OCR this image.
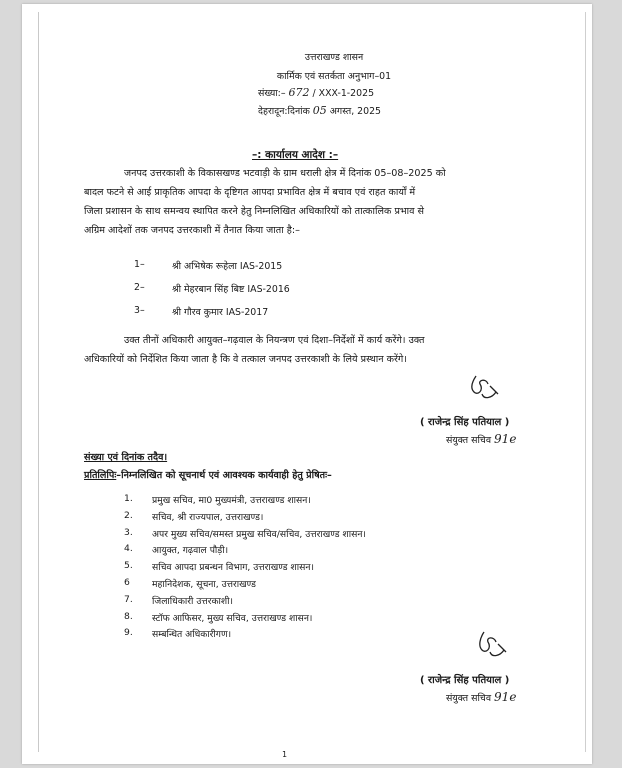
उत्तराखण्ड शासन
कार्मिक एवं सतर्कता अनुभाग–01
संख्या:– 672 / XXX-1-2025
देहरादून:दिनांक 05 अगस्त, 2025
–: कार्यालय आदेश :–
जनपद उत्तरकाशी के विकासखण्ड भटवाड़ी के ग्राम धराली क्षेत्र में दिनांक 05–08–2025 को
बादल फटने से आई प्राकृतिक आपदा के दृष्टिगत आपदा प्रभावित क्षेत्र में बचाव एवं राहत कार्यों में
जिला प्रशासन के साथ समन्वय स्थापित करने हेतु निम्नलिखित अधिकारियों को तात्कालिक प्रभाव से
अग्रिम आदेशों तक जनपद उत्तरकाशी में तैनात किया जाता है:–
1–	श्री अभिषेक रूहेला IAS-2015
2–	श्री मेहरबान सिंह बिष्ट IAS-2016
3–	श्री गौरव कुमार IAS-2017
उक्त तीनों अधिकारी आयुक्त–गढ़वाल के नियन्त्रण एवं दिशा–निर्देशों में कार्य करेंगे। उक्त
अधिकारियों को निर्देशित किया जाता है कि वे तत्काल जनपद उत्तरकाशी के लिये प्रस्थान करेंगे।
( राजेन्द्र सिंह पतियाल )
संयुक्त सचिव 91e
संख्या एवं दिनांक तदैव।
प्रतिलिपिः–निम्नलिखित को सूचनार्थ एवं आवश्यक कार्यवाही हेतु प्रेषितः–
1.	प्रमुख सचिव, मा0 मुख्यमंत्री, उत्तराखण्ड शासन।
2.	सचिव, श्री राज्यपाल, उत्तराखण्ड।
3.	अपर मुख्य सचिव/समस्त प्रमुख सचिव/सचिव, उत्तराखण्ड शासन।
4.	आयुक्त, गढ़वाल पौड़ी।
5.	सचिव आपदा प्रबन्धन विभाग, उत्तराखण्ड शासन।
6	महानिदेशक, सूचना, उत्तराखण्ड
7.	जिलाधिकारी उत्तरकाशी।
8.	स्टॉफ आफिसर, मुख्य सचिव, उत्तराखण्ड शासन।
9.	सम्बन्धित अधिकारीगण।
( राजेन्द्र सिंह पतियाल )
संयुक्त सचिव 91e
1
